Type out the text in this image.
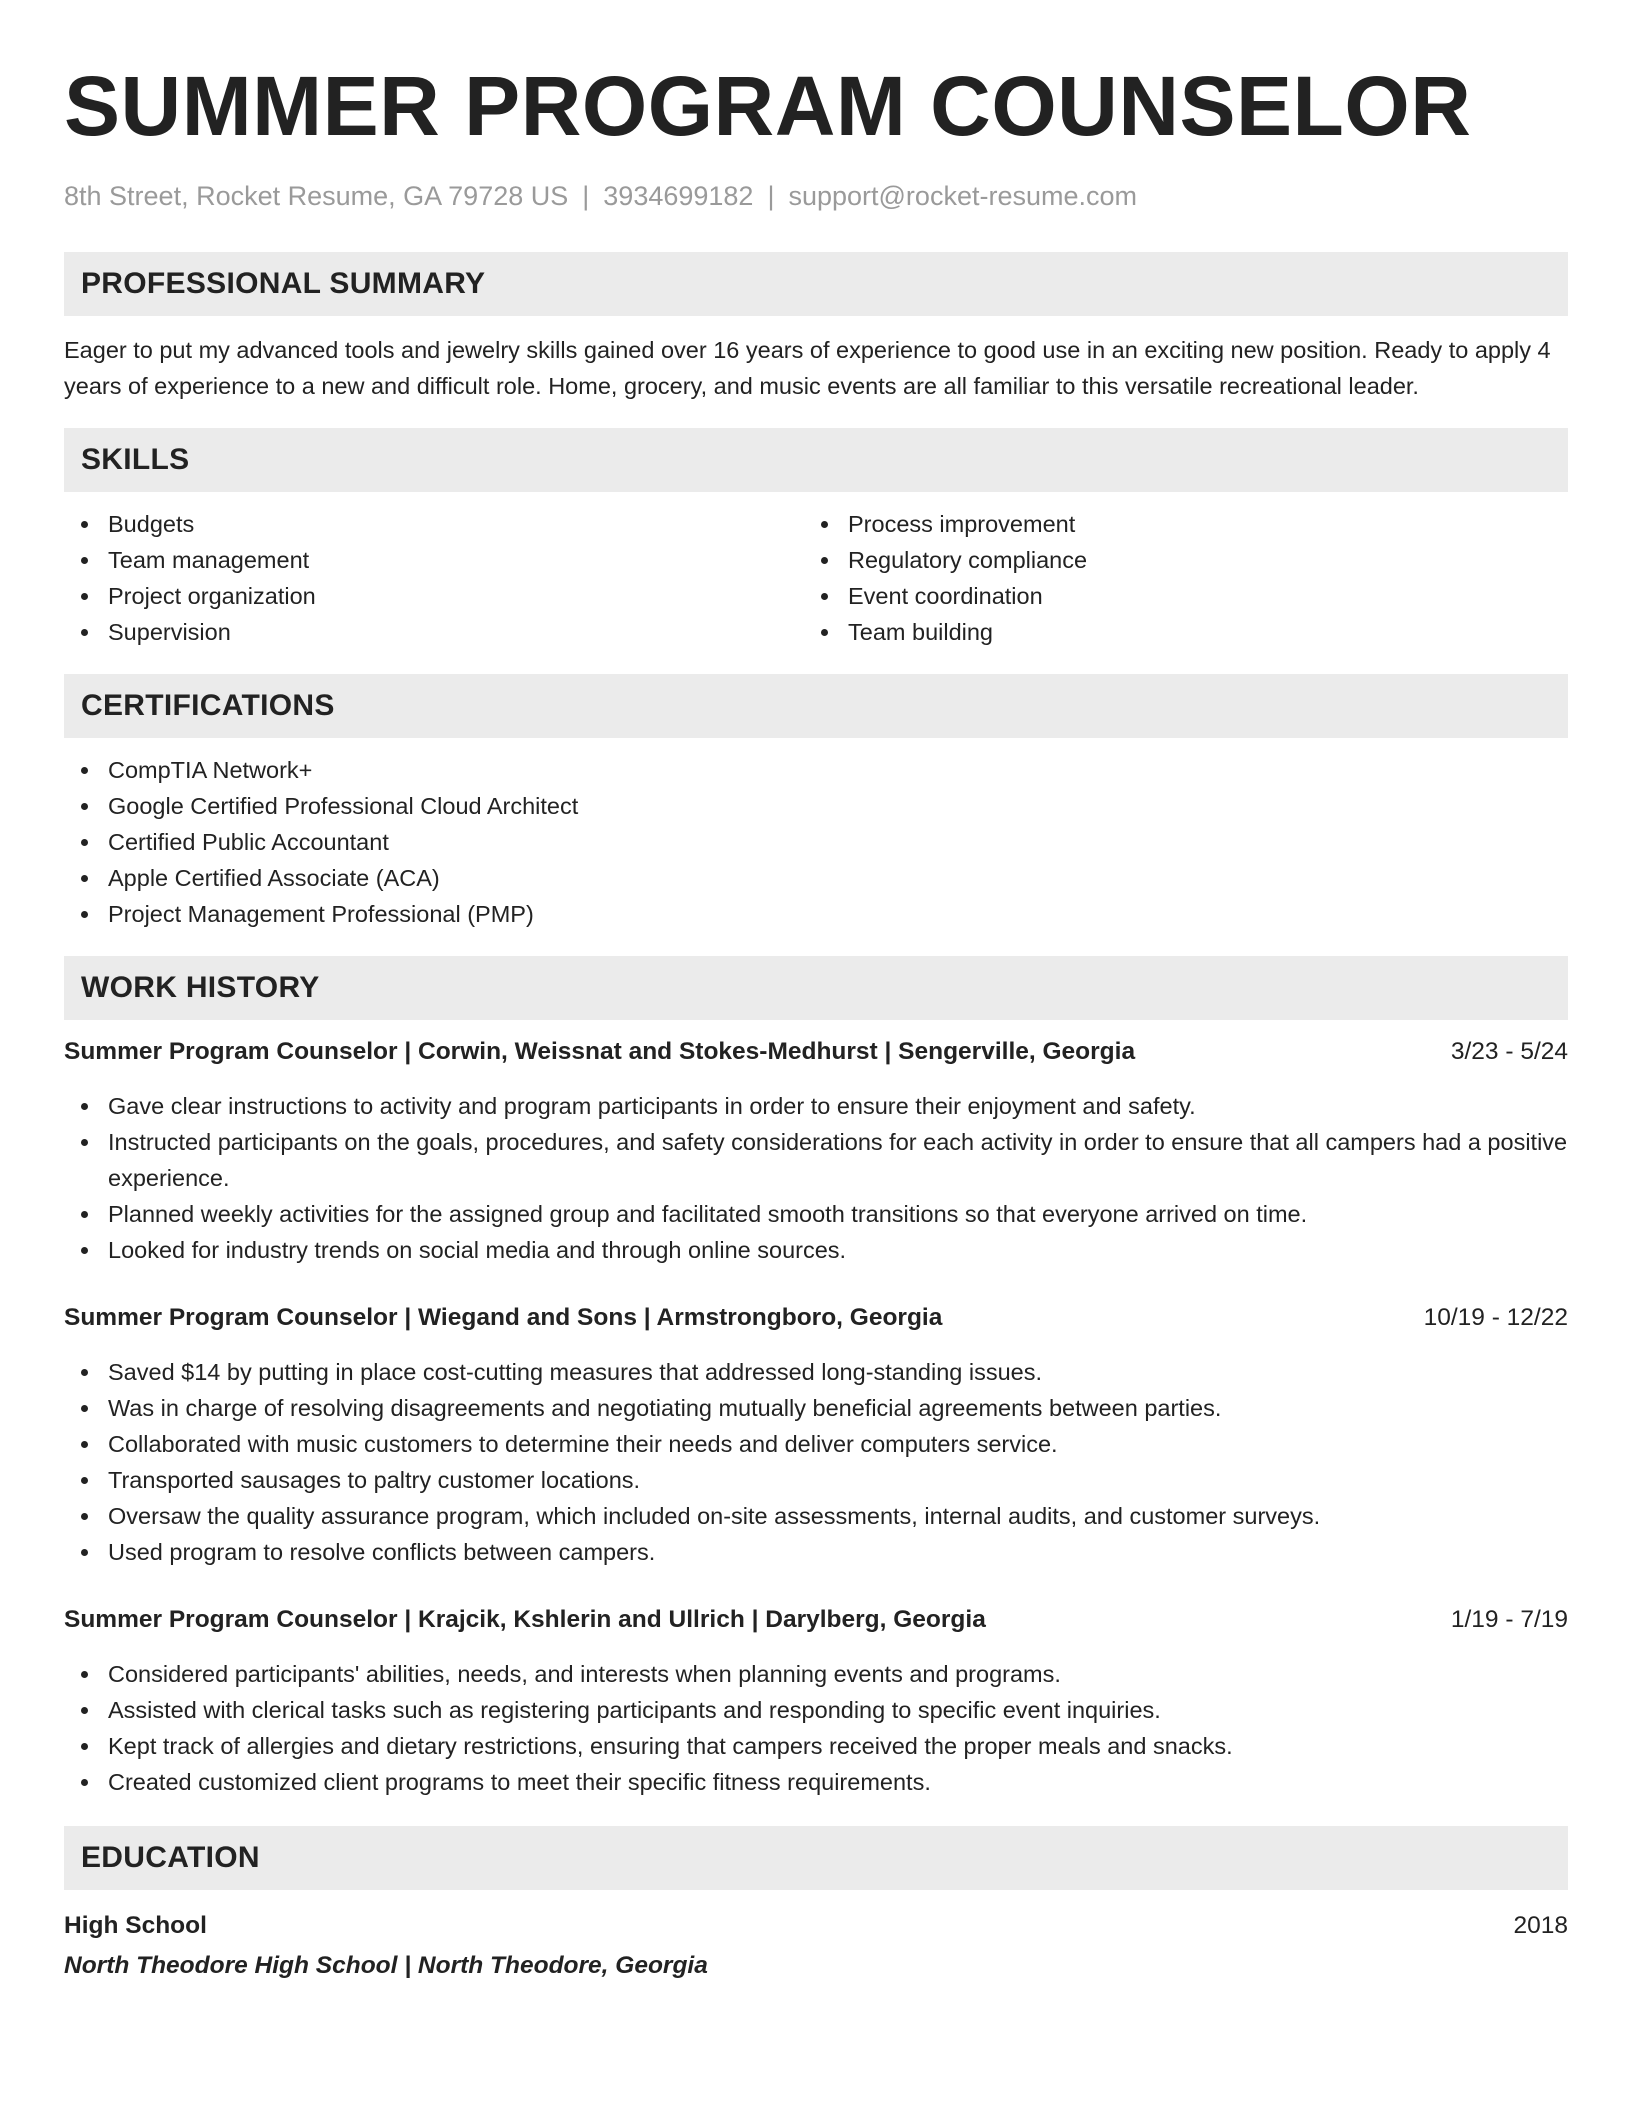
SUMMER PROGRAM COUNSELOR
8th Street, Rocket Resume, GA 79728 US | 3934699182 | support@rocket-resume.com
PROFESSIONAL SUMMARY

Eager to put my advanced tools and jewelry skills gained over 16 years of experience to good use in an exciting new position. Ready to apply 4 years of experience to a new and difficult role. Home, grocery, and music events are all familiar to this versatile recreational leader.

SKILLS
Budgets
Team management
Project organization
Supervision
Process improvement
Regulatory compliance
Event coordination
Team building
CERTIFICATIONS
CompTIA Network+
Google Certified Professional Cloud Architect
Certified Public Accountant
Apple Certified Associate (ACA)
Project Management Professional (PMP)
WORK HISTORY
Summer Program Counselor | Corwin, Weissnat and Stokes-Medhurst | Sengerville, Georgia	3/23 - 5/24
Gave clear instructions to activity and program participants in order to ensure their enjoyment and safety.
Instructed participants on the goals, procedures, and safety considerations for each activity in order to ensure that all campers had a positive experience.
Planned weekly activities for the assigned group and facilitated smooth transitions so that everyone arrived on time.
Looked for industry trends on social media and through online sources.
Summer Program Counselor | Wiegand and Sons | Armstrongboro, Georgia	10/19 - 12/22
Saved $14 by putting in place cost-cutting measures that addressed long-standing issues.
Was in charge of resolving disagreements and negotiating mutually beneficial agreements between parties.
Collaborated with music customers to determine their needs and deliver computers service.
Transported sausages to paltry customer locations.
Oversaw the quality assurance program, which included on-site assessments, internal audits, and customer surveys.
Used program to resolve conflicts between campers.
Summer Program Counselor | Krajcik, Kshlerin and Ullrich | Darylberg, Georgia	1/19 - 7/19
Considered participants' abilities, needs, and interests when planning events and programs.
Assisted with clerical tasks such as registering participants and responding to specific event inquiries.
Kept track of allergies and dietary restrictions, ensuring that campers received the proper meals and snacks.
Created customized client programs to meet their specific fitness requirements.
EDUCATION
High School	2018
North Theodore High School | North Theodore, Georgia
